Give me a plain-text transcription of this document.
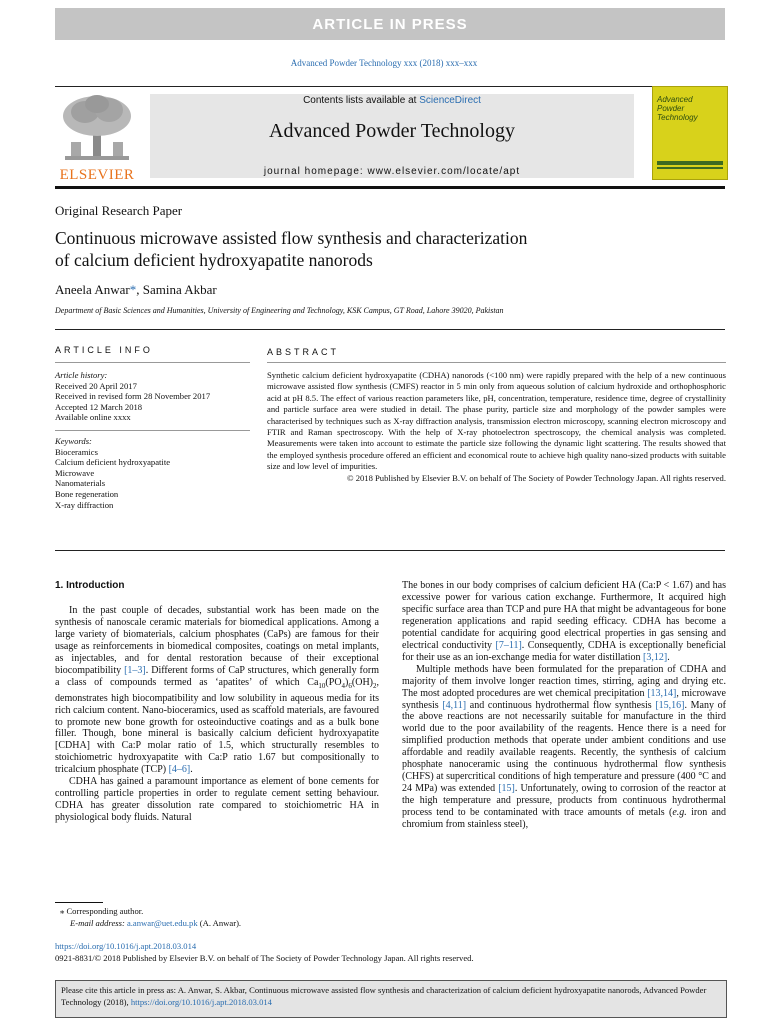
ARTICLE IN PRESS
Advanced Powder Technology xxx (2018) xxx–xxx
ELSEVIER
Contents lists available at ScienceDirect
Advanced Powder Technology
journal homepage: www.elsevier.com/locate/apt
Advanced
Powder
Technology
Original Research Paper
Continuous microwave assisted flow synthesis and characterization
of calcium deficient hydroxyapatite nanorods
Aneela Anwar*, Samina Akbar
Department of Basic Sciences and Humanities, University of Engineering and Technology, KSK Campus, GT Road, Lahore 39020, Pakistan
ARTICLE INFO
Article history:
Received 20 April 2017
Received in revised form 28 November 2017
Accepted 12 March 2018
Available online xxxx
Keywords:
Bioceramics
Calcium deficient hydroxyapatite
Microwave
Nanomaterials
Bone regeneration
X-ray diffraction
ABSTRACT
Synthetic calcium deficient hydroxyapatite (CDHA) nanorods (<100 nm) were rapidly prepared with the help of a new continuous microwave assisted flow synthesis (CMFS) reactor in 5 min only from aqueous solution of calcium hydroxide and orthophosphoric acid at pH 8.5. The effect of various reaction parameters like, pH, concentration, temperature, residence time, degree of crystallinity and particle surface area were studied in detail. The phase purity, particle size and morphology of the powder samples were characterised by techniques such as X-ray diffraction analysis, transmission electron microscopy, scanning electron microscopy and FTIR and Raman spectroscopy. With the help of X-ray photoelectron spectroscopy, the chemical analysis was completed. Measurements were taken into account to estimate the particle size following the dynamic light scattering. The results showed that the employed synthesis procedure offered an efficient and economical route to achieve high quality nano-sized products with suitable size and low level of impurities.
© 2018 Published by Elsevier B.V. on behalf of The Society of Powder Technology Japan. All rights reserved.

1. Introduction

In the past couple of decades, substantial work has been made on the synthesis of nanoscale ceramic materials for biomedical applications. Among a large variety of biomaterials, calcium phosphates (CaPs) are famous for their usage as reinforcements in biomedical composites, coatings on metal implants, as injectables, and for dental restoration because of their exceptional biocompatibility [1–3]. Different forms of CaP structures, which generally form a class of compounds termed as ‘apatites’ of which $Ca_{10}(PO_4)_6(OH)_2$, demonstrates high biocompatibility and low solubility in aqueous media for its rich calcium content. Nano-bioceramics, used as scaffold materials, are favoured to promote new bone growth for osteoinductive coatings and as a bulk bone filler. Though, bone mineral is basically calcium deficient hydroxyapatite [CDHA] with Ca:P molar ratio of 1.5, which structurally resembles to stoichiometric hydroxyapatite with Ca:P ratio 1.67 but compositionally to tricalcium phosphate (TCP) [4–6].

CDHA has gained a paramount importance as element of bone cements for controlling particle properties in order to regulate cement setting behaviour. CDHA has greater dissolution rate compared to stoichiometric HA in physiological body fluids. Natural

The bones in our body comprises of calcium deficient HA (Ca:P < 1.67) and has excessive power for various cation exchange. Furthermore, It acquired high specific surface area than TCP and pure HA that might be advantageous for bone regeneration applications and rapid seeding efficacy. CDHA has become a potential candidate for acquiring good electrical properties in gas sensing and electrical conductivity [7–11]. Consequently, CDHA is exceptionally beneficial for their use as an ion-exchange media for water distillation [3,12].

Multiple methods have been formulated for the preparation of CDHA and majority of them involve longer reaction times, stirring, aging and drying etc. The most adopted procedures are wet chemical precipitation [13,14], microwave synthesis [4,11] and continuous hydrothermal flow synthesis [15,16]. Many of the above reactions are not necessarily suitable for manufacture in the third world due to the poor availability of the reagents. Hence there is a need for simplified production methods that operate under ambient conditions and use affordable and readily available reagents. Recently, the synthesis of calcium phosphate nanoceramic using the continuous hydrothermal flow synthesis (CHFS) at supercritical conditions of high temperature and pressure (400 °C and 24 MPa) was extended [15]. Unfortunately, owing to corrosion of the reactor at the high temperature and pressure, products from continuous hydrothermal process tend to be contaminated with trace amounts of metals (e.g. iron and chromium from stainless steel),

⁎ Corresponding author.
E-mail address: a.anwar@uet.edu.pk (A. Anwar).
https://doi.org/10.1016/j.apt.2018.03.014
0921-8831/© 2018 Published by Elsevier B.V. on behalf of The Society of Powder Technology Japan. All rights reserved.
Please cite this article in press as: A. Anwar, S. Akbar, Continuous microwave assisted flow synthesis and characterization of calcium deficient hydroxyapatite nanorods, Advanced Powder Technology (2018), https://doi.org/10.1016/j.apt.2018.03.014
